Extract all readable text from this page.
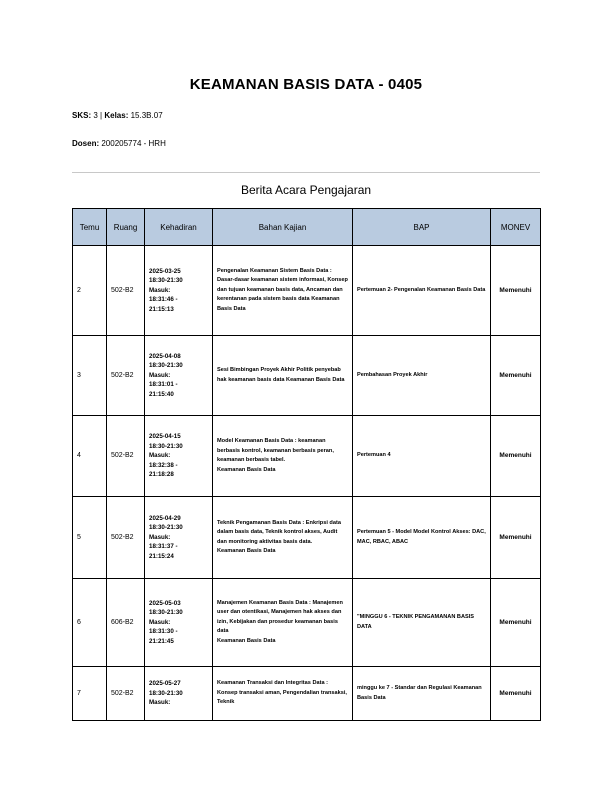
KEAMANAN BASIS DATA - 0405
SKS: 3 | Kelas: 15.3B.07
Dosen: 200205774 - HRH
Berita Acara Pengajaran
Temu	Ruang	Kehadiran	Bahan Kajian	BAP	MONEV
2	502-B2	2025-03-25
18:30-21:30
Masuk:
18:31:46 -
21:15:13	Pengenalan Keamanan Sistem Basis Data : Dasar-dasar keamanan sistem informasi, Konsep dan tujuan keamanan basis data, Ancaman dan kerentanan pada sistem basis data Keamanan Basis Data	Pertemuan 2- Pengenalan Keamanan Basis Data	Memenuhi
3	502-B2	2025-04-08
18:30-21:30
Masuk:
18:31:01 -
21:15:40	Sesi Bimbingan Proyek Akhir Politik penyebab hak keamanan basis data Keamanan Basis Data	Pembahasan Proyek Akhir	Memenuhi
4	502-B2	2025-04-15
18:30-21:30
Masuk:
18:32:38 -
21:18:28	Model Keamanan Basis Data : keamanan berbasis kontrol, keamanan berbasis peran, keamanan berbasis tabel.
Keamanan Basis Data	Pertemuan 4	Memenuhi
5	502-B2	2025-04-29
18:30-21:30
Masuk:
18:31:37 -
21:15:24	Teknik Pengamanan Basis Data : Enkripsi data dalam basis data, Teknik kontrol akses, Audit dan monitoring aktivitas basis data.
Keamanan Basis Data	Pertemuan 5 - Model Model Kontrol Akses: DAC, MAC, RBAC, ABAC	Memenuhi
6	606-B2	2025-05-03
18:30-21:30
Masuk:
18:31:30 -
21:21:45	Manajemen Keamanan Basis Data : Manajemen user dan otentikasi, Manajemen hak akses dan izin, Kebijakan dan prosedur keamanan basis data
Keamanan Basis Data	"MINGGU 6 - TEKNIK PENGAMANAN BASIS DATA	Memenuhi
7	502-B2	2025-05-27
18:30-21:30
Masuk:	Keamanan Transaksi dan Integritas Data : Konsep transaksi aman, Pengendalian transaksi, Teknik	minggu ke 7 - Standar dan Regulasi Keamanan Basis Data	Memenuhi
